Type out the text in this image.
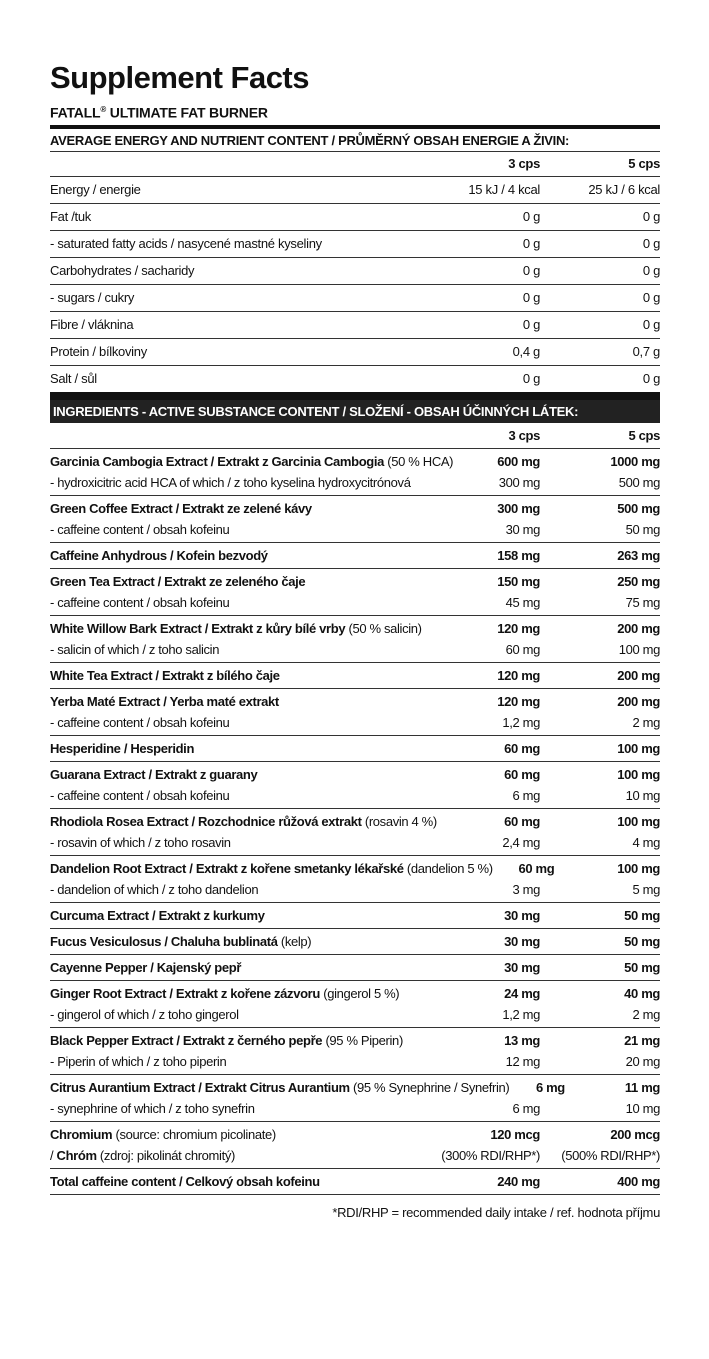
Supplement Facts
FATALL® ULTIMATE FAT BURNER
AVERAGE ENERGY AND NUTRIENT CONTENT / PRŮMĚRNÝ OBSAH ENERGIE A ŽIVIN:
3 cps	5 cps
Energy / energie	15 kJ / 4 kcal	25 kJ / 6 kcal
Fat /tuk	0 g	0 g
- saturated fatty acids / nasycené mastné kyseliny	0 g	0 g
Carbohydrates / sacharidy	0 g	0 g
- sugars / cukry	0 g	0 g
Fibre / vláknina	0 g	0 g
Protein / bílkoviny	0,4 g	0,7 g
Salt / sůl	0 g	0 g
INGREDIENTS - ACTIVE SUBSTANCE CONTENT / SLOŽENÍ - OBSAH ÚČINNÝCH LÁTEK:
3 cps	5 cps
Garcinia Cambogia Extract / Extrakt z Garcinia Cambogia (50 % HCA)	600 mg	1000 mg
- hydroxicitric acid HCA of which / z toho kyselina hydroxycitrónová	300 mg	500 mg
Green Coffee Extract / Extrakt ze zelené kávy	300 mg	500 mg
- caffeine content / obsah kofeinu	30 mg	50 mg
Caffeine Anhydrous / Kofein bezvodý	158 mg	263 mg
Green Tea Extract / Extrakt ze zeleného čaje	150 mg	250 mg
- caffeine content / obsah kofeinu	45 mg	75 mg
White Willow Bark Extract / Extrakt z kůry bílé vrby (50 % salicin)	120 mg	200 mg
- salicin of which / z toho salicin	60 mg	100 mg
White Tea Extract / Extrakt z bílého čaje	120 mg	200 mg
Yerba Maté Extract / Yerba maté extrakt	120 mg	200 mg
- caffeine content / obsah kofeinu	1,2 mg	2 mg
Hesperidine / Hesperidin	60 mg	100 mg
Guarana Extract / Extrakt z guarany	60 mg	100 mg
- caffeine content / obsah kofeinu	6 mg	10 mg
Rhodiola Rosea Extract / Rozchodnice růžová extrakt (rosavin 4 %)	60 mg	100 mg
- rosavin of which / z toho rosavin	2,4 mg	4 mg
Dandelion Root Extract / Extrakt z kořene smetanky lékařské (dandelion 5 %)	60 mg	100 mg
- dandelion of which / z toho dandelion	3 mg	5 mg
Curcuma Extract / Extrakt z kurkumy	30 mg	50 mg
Fucus Vesiculosus / Chaluha bublinatá (kelp)	30 mg	50 mg
Cayenne Pepper / Kajenský pepř	30 mg	50 mg
Ginger Root Extract / Extrakt z kořene zázvoru (gingerol 5 %)	24 mg	40 mg
- gingerol of which / z toho gingerol	1,2 mg	2 mg
Black Pepper Extract / Extrakt z černého pepře (95 % Piperin)	13 mg	21 mg
- Piperin of which / z toho piperin	12 mg	20 mg
Citrus Aurantium Extract / Extrakt Citrus Aurantium (95 % Synephrine / Synefrin)	6 mg	11 mg
- synephrine of which / z toho synefrin	6 mg	10 mg
Chromium (source: chromium picolinate)	120 mcg	200 mcg
/ Chróm (zdroj: pikolinát chromitý)	(300% RDI/RHP*)	(500% RDI/RHP*)
Total caffeine content / Celkový obsah kofeinu	240 mg	400 mg
*RDI/RHP = recommended daily intake / ref. hodnota příjmu
